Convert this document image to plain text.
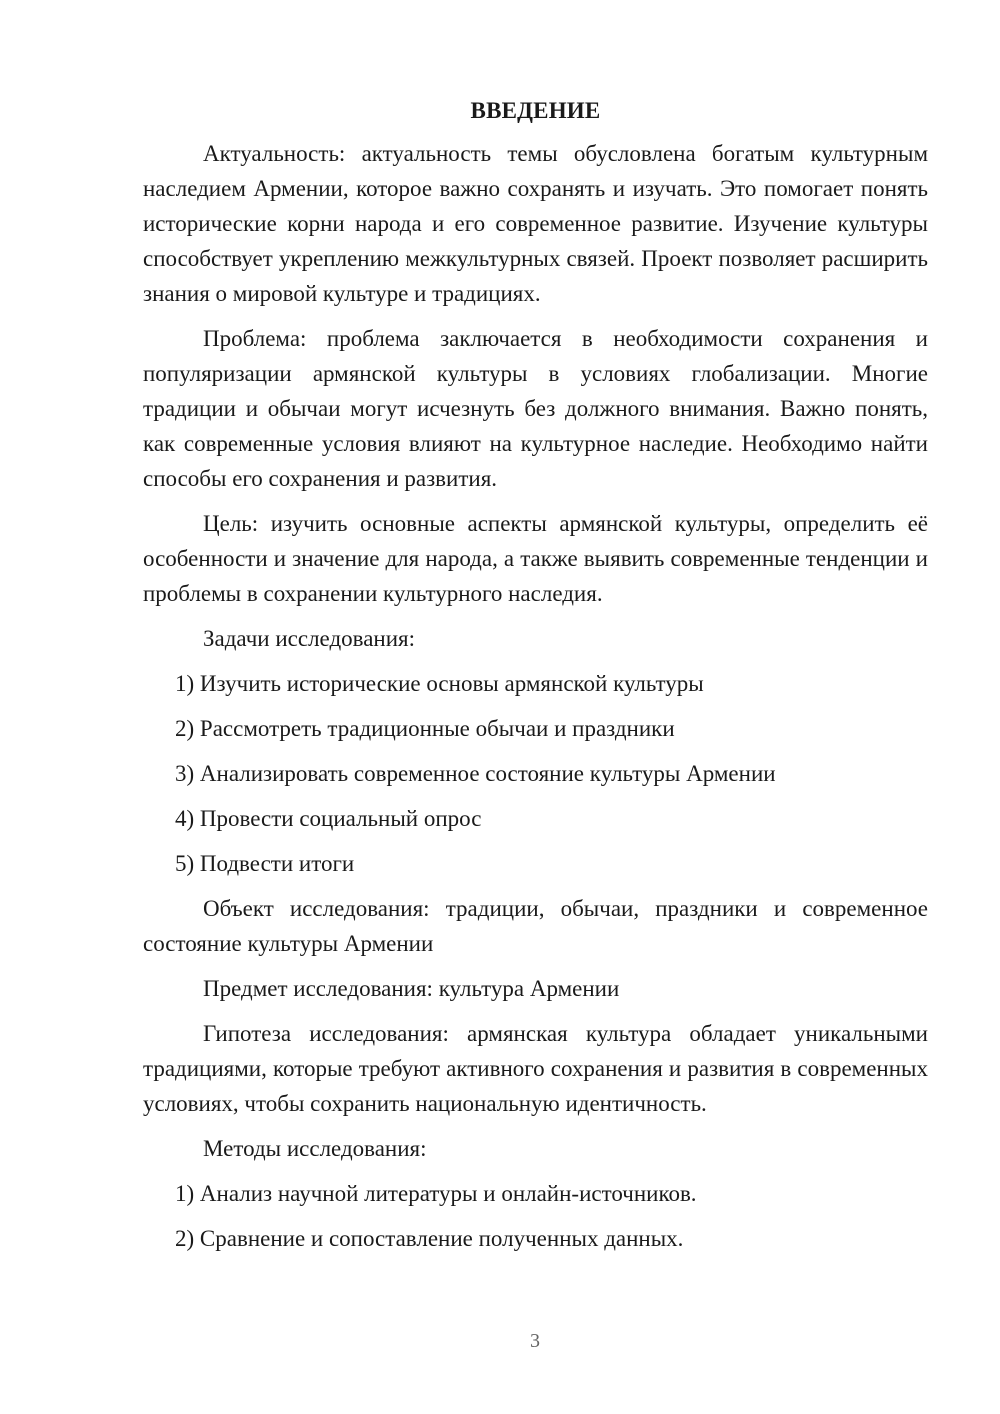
ВВЕДЕНИЕ

Актуальность: актуальность темы обусловлена богатым культурным наследием Армении, которое важно сохранять и изучать. Это помогает понять исторические корни народа и его современное развитие. Изучение культуры способствует укреплению межкультурных связей. Проект позволяет расширить знания о мировой культуре и традициях.

Проблема: проблема заключается в необходимости сохранения и популяризации армянской культуры в условиях глобализации. Многие традиции и обычаи могут исчезнуть без должного внимания. Важно понять, как современные условия влияют на культурное наследие. Необходимо найти способы его сохранения и развития.

Цель: изучить основные аспекты армянской культуры, определить её особенности и значение для народа, а также выявить современные тенденции и проблемы в сохранении культурного наследия.

Задачи исследования:

1) Изучить исторические основы армянской культуры
2) Рассмотреть традиционные обычаи и праздники
3) Анализировать современное состояние культуры Армении
4) Провести социальный опрос
5) Подвести итоги

Объект исследования: традиции, обычаи, праздники и современное состояние культуры Армении

Предмет исследования: культура Армении

Гипотеза исследования: армянская культура обладает уникальными традициями, которые требуют активного сохранения и развития в современных условиях, чтобы сохранить национальную идентичность.

Методы исследования:

1) Анализ научной литературы и онлайн-источников.
2) Сравнение и сопоставление полученных данных.
3
